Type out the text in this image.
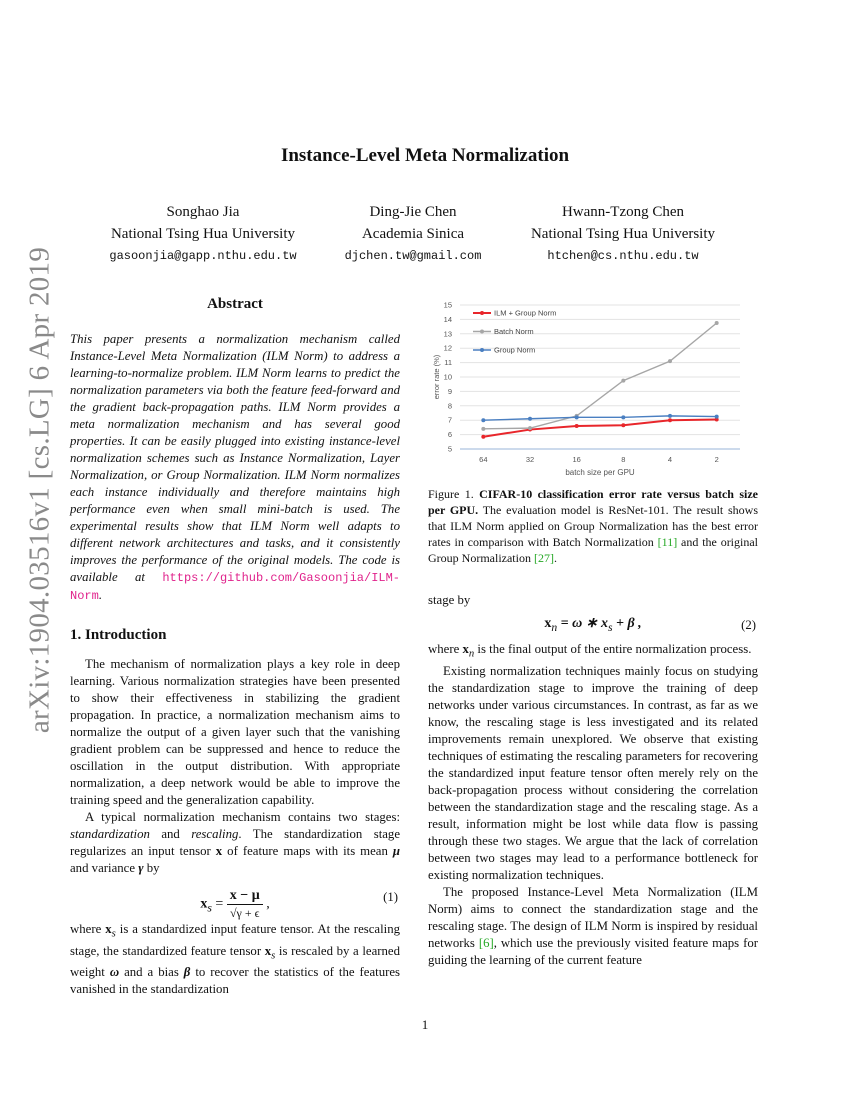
arXiv:1904.03516v1 [cs.LG] 6 Apr 2019
Instance-Level Meta Normalization
Songhao Jia
National Tsing Hua University
gasoonjia@gapp.nthu.edu.tw
Ding-Jie Chen
Academia Sinica
djchen.tw@gmail.com
Hwann-Tzong Chen
National Tsing Hua University
htchen@cs.nthu.edu.tw
Abstract

This paper presents a normalization mechanism called Instance-Level Meta Normalization (ILM Norm) to address a learning-to-normalize problem. ILM Norm learns to predict the normalization parameters via both the feature feed-forward and the gradient back-propagation paths. ILM Norm provides a meta normalization mechanism and has several good properties. It can be easily plugged into existing instance-level normalization schemes such as Instance Normalization, Layer Normalization, or Group Normalization. ILM Norm normalizes each instance individually and therefore maintains high performance even when small mini-batch is used. The experimental results show that ILM Norm well adapts to different network architectures and tasks, and it consistently improves the performance of the original models. The code is available at https://github.com/Gasoonjia/ILM-Norm.

1. Introduction

The mechanism of normalization plays a key role in deep learning. Various normalization strategies have been presented to show their effectiveness in stabilizing the gradient propagation. In practice, a normalization mechanism aims to normalize the output of a given layer such that the vanishing gradient problem can be suppressed and hence to reduce the oscillation in the output distribution. With appropriate normalization, a deep network would be able to improve the training speed and the generalization capability.

A typical normalization mechanism contains two stages: standardization and rescaling. The standardization stage regularizes an input tensor x of feature maps with its mean μ and variance γ by

$x_s = \frac{x - \mu}{√\gamma + \epsilon}$ ,	(1)

where $x_s$ is a standardized input feature tensor. At the rescaling stage, the standardized feature tensor $x_s$ is rescaled by a learned weight ω and a bias β to recover the statistics of the features vanished in the standardization

5
6
7
8
9
10
11
12
13
14
15
64	32	16	8	4	2
batch size per GPU
error rate (%)
ILM + Group Norm
Batch Norm
Group Norm
Figure 1. CIFAR-10 classification error rate versus batch size per GPU. The evaluation model is ResNet-101. The result shows that ILM Norm applied on Group Normalization has the best error rates in comparison with Batch Normalization [11] and the original Group Normalization [27].

stage by

$x_n = \omega$ ∗ $x_s + \beta$ ,	(2)

where $x_n$ is the final output of the entire normalization process.

Existing normalization techniques mainly focus on studying the standardization stage to improve the training of deep networks under various circumstances. In contrast, as far as we know, the rescaling stage is less investigated and its related improvements remain unexplored. We observe that existing techniques of estimating the rescaling parameters for recovering the standardized input feature tensor often merely rely on the back-propagation process without considering the correlation between the standardization stage and the rescaling stage. As a result, information might be lost while data flow is passing through these two stages. We argue that the lack of correlation between two stages may lead to a performance bottleneck for existing normalization techniques.

The proposed Instance-Level Meta Normalization (ILM Norm) aims to connect the standardization stage and the rescaling stage. The design of ILM Norm is inspired by residual networks [6], which use the previously visited feature maps for guiding the learning of the current feature

1
